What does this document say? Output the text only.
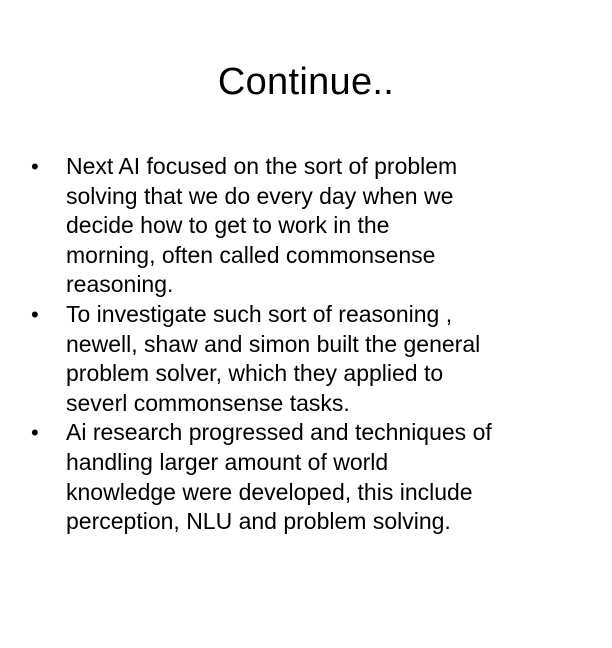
Continue..
• Next AI focused on the sort of problem
solving that we do every day when we
decide how to get to work in the
morning, often called commonsense
reasoning.
• To investigate such sort of reasoning ,
newell, shaw and simon built the general
problem solver, which they applied to
severl commonsense tasks.
• Ai research progressed and techniques of
handling larger amount of world
knowledge were developed, this include
perception, NLU and problem solving.
